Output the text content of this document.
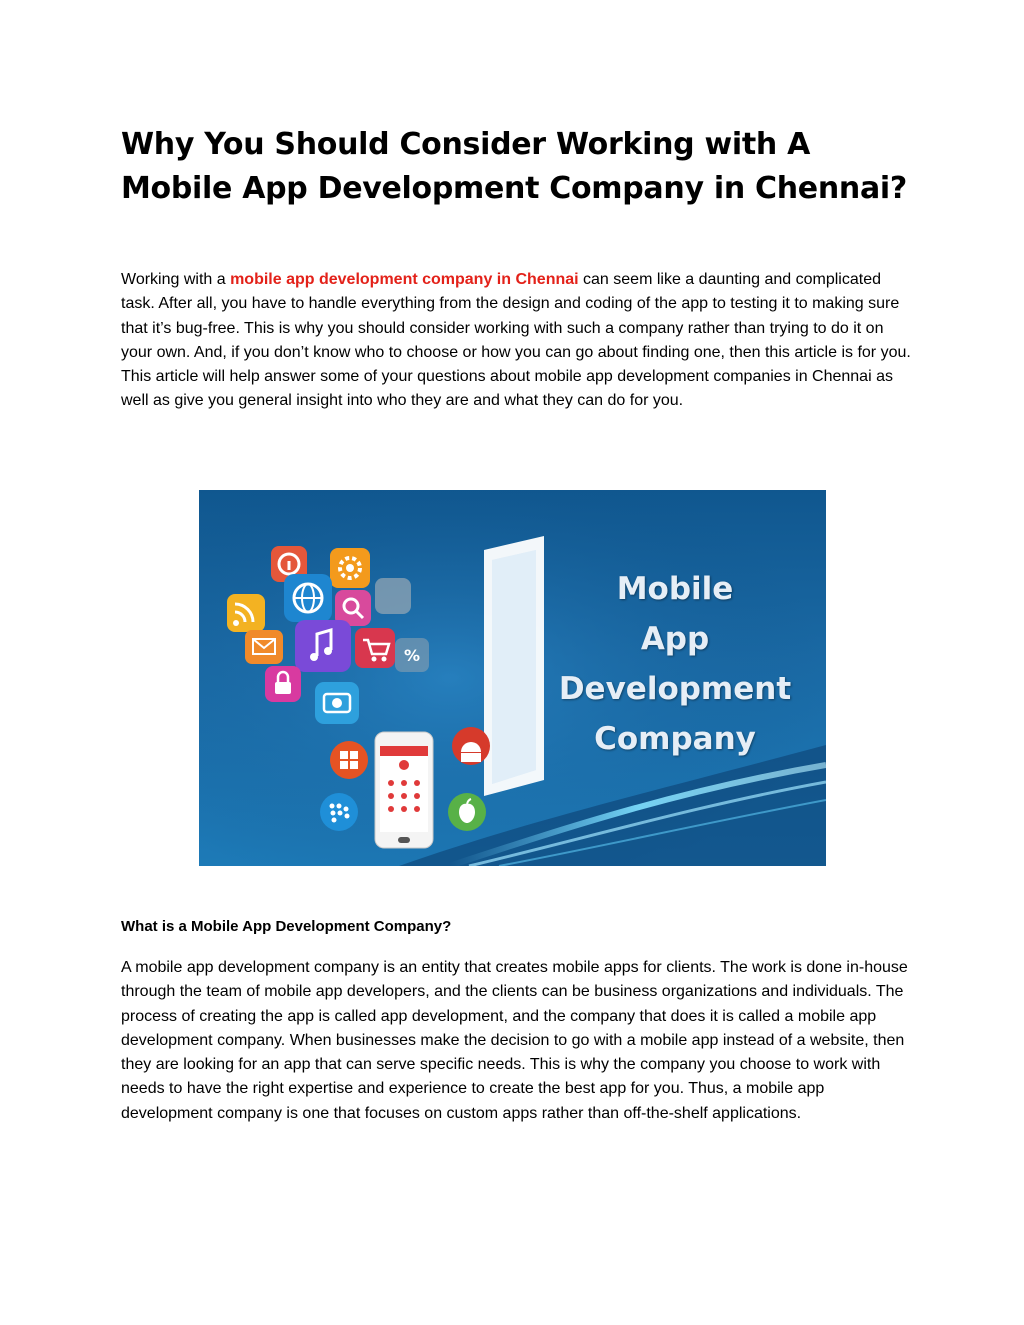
Why You Should Consider Working with A Mobile App Development Company in Chennai?

Working with a mobile app development company in Chennai can seem like a daunting and complicated task. After all, you have to handle everything from the design and coding of the app to testing it to making sure that it’s bug-free. This is why you should consider working with such a company rather than trying to do it on your own. And, if you don’t know who to choose or how you can go about finding one, then this article is for you. This article will help answer some of your questions about mobile app development companies in Chennai as well as give you general insight into who they are and what they can do for you.

%
Mobile
App
Development
Company
What is a Mobile App Development Company?

A mobile app development company is an entity that creates mobile apps for clients. The work is done in-house through the team of mobile app developers, and the clients can be business organizations and individuals. The process of creating the app is called app development, and the company that does it is called a mobile app development company. When businesses make the decision to go with a mobile app instead of a website, then they are looking for an app that can serve specific needs. This is why the company you choose to work with needs to have the right expertise and experience to create the best app for you. Thus, a mobile app development company is one that focuses on custom apps rather than off-the-shelf applications.
